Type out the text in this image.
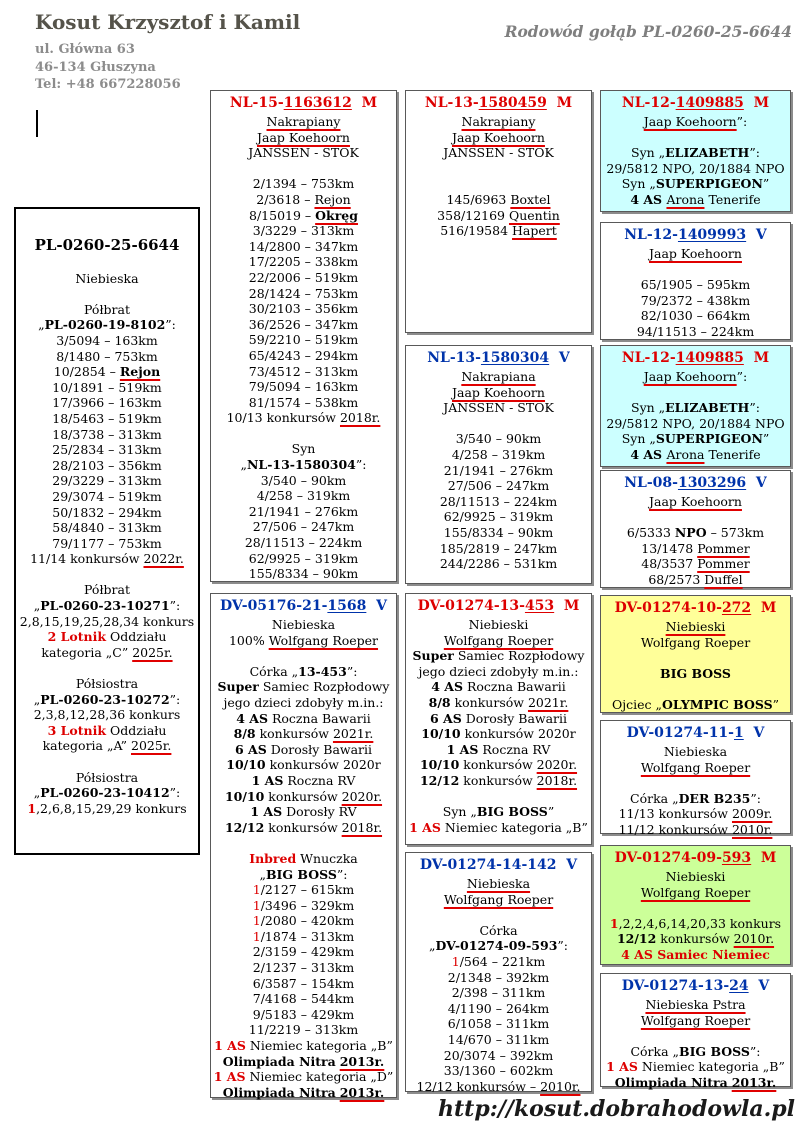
Kosut Krzysztof i Kamil
ul. Główna 63
46-134 Głuszyna
Tel: +48 667228056
Rodowód gołąb PL-0260-25-6644
PL-0260-25-6644
Niebieska
Półbrat
„PL-0260-19-8102”:
3/5094 – 163km
8/1480 – 753km
10/2854 – Rejon
10/1891 – 519km
17/3966 – 163km
18/5463 – 519km
18/3738 – 313km
25/2834 – 313km
28/2103 – 356km
29/3229 – 313km
29/3074 – 519km
50/1832 – 294km
58/4840 – 313km
79/1177 – 753km
11/14 konkursów 2022r.
Półbrat
„PL-0260-23-10271”:
2,8,15,19,25,28,34 konkurs
2 Lotnik Oddziału
kategoria „C” 2025r.
Półsiostra
„PL-0260-23-10272”:
2,3,8,12,28,36 konkurs
3 Lotnik Oddziału
kategoria „A” 2025r.
Półsiostra
„PL-0260-23-10412”:
1,2,6,8,15,29,29 konkurs
NL-15-1163612  M
Nakrapiany
Jaap Koehoorn
JANSSEN - STOK
2/1394 – 753km
2/3618 – Rejon
8/15019 – Okręg
3/3229 – 313km
14/2800 – 347km
17/2205 – 338km
22/2006 – 519km
28/1424 – 753km
30/2103 – 356km
36/2526 – 347km
59/2210 – 519km
65/4243 – 294km
73/4512 – 313km
79/5094 – 163km
81/1574 – 538km
10/13 konkursów 2018r.
Syn
„NL-13-1580304”:
3/540 – 90km
4/258 – 319km
21/1941 – 276km
27/506 – 247km
28/11513 – 224km
62/9925 – 319km
155/8334 – 90km
DV-05176-21-1568  V
Niebieska
100% Wolfgang Roeper
Córka „13-453”:
Super Samiec Rozpłodowy
jego dzieci zdobyły m.in.:
4 AS Roczna Bawarii
8/8 konkursów 2021r.
6 AS Dorosły Bawarii
10/10 konkursów 2020r
1 AS Roczna RV
10/10 konkursów 2020r.
1 AS Dorosły RV
12/12 konkursów 2018r.
Inbred Wnuczka
„BIG BOSS”:
1/2127 – 615km
1/3496 – 329km
1/2080 – 420km
1/1874 – 313km
2/3159 – 429km
2/1237 – 313km
6/3587 – 154km
7/4168 – 544km
9/5183 – 429km
11/2219 – 313km
1 AS Niemiec kategoria „B”
Olimpiada Nitra 2013r.
1 AS Niemiec kategoria „D”
Olimpiada Nitra 2013r.
NL-13-1580459  M
Nakrapiany
Jaap Koehoorn
JANSSEN - STOK
145/6963 Boxtel
358/12169 Quentin
516/19584 Hapert
NL-13-1580304  V
Nakrapiana
Jaap Koehoorn
JANSSEN - STOK
3/540 – 90km
4/258 – 319km
21/1941 – 276km
27/506 – 247km
28/11513 – 224km
62/9925 – 319km
155/8334 – 90km
185/2819 – 247km
244/2286 – 531km
DV-01274-13-453  M
Niebieski
Wolfgang Roeper
Super Samiec Rozpłodowy
jego dzieci zdobyły m.in.:
4 AS Roczna Bawarii
8/8 konkursów 2021r.
6 AS Dorosły Bawarii
10/10 konkursów 2020r
1 AS Roczna RV
10/10 konkursów 2020r.
12/12 konkursów 2018r.
Syn „BIG BOSS”
1 AS Niemiec kategoria „B”
DV-01274-14-142  V
Niebieska
Wolfgang Roeper
Córka
„DV-01274-09-593”:
1/564 – 221km
2/1348 – 392km
2/398 – 311km
4/1190 – 264km
6/1058 – 311km
14/670 – 311km
20/3074 – 392km
33/1360 – 602km
12/12 konkursów – 2010r.
NL-12-1409885  M
Jaap Koehoorn”:
Syn „ELIZABETH”:
29/5812 NPO, 20/1884 NPO
Syn „SUPERPIGEON”
4 AS Arona Tenerife
NL-12-1409993  V
Jaap Koehoorn
65/1905 – 595km
79/2372 – 438km
82/1030 – 664km
94/11513 – 224km
NL-12-1409885  M
Jaap Koehoorn”:
Syn „ELIZABETH”:
29/5812 NPO, 20/1884 NPO
Syn „SUPERPIGEON”
4 AS Arona Tenerife
NL-08-1303296  V
Jaap Koehoorn
6/5333 NPO – 573km
13/1478 Pommer
48/3537 Pommer
68/2573 Duffel
DV-01274-10-272  M
Niebieski
Wolfgang Roeper
BIG BOSS
Ojciec „OLYMPIC BOSS”
DV-01274-11-1  V
Niebieska
Wolfgang Roeper
Córka „DER B235”:
11/13 konkursów 2009r.
11/12 konkursów 2010r.
DV-01274-09-593  M
Niebieski
Wolfgang Roeper
1,2,2,4,6,14,20,33 konkurs
12/12 konkursów 2010r.
4 AS Samiec Niemiec
DV-01274-13-24  V
Niebieska Pstra
Wolfgang Roeper
Córka „BIG BOSS”:
1 AS Niemiec kategoria „B”
Olimpiada Nitra 2013r.
http://kosut.dobrahodowla.pl
